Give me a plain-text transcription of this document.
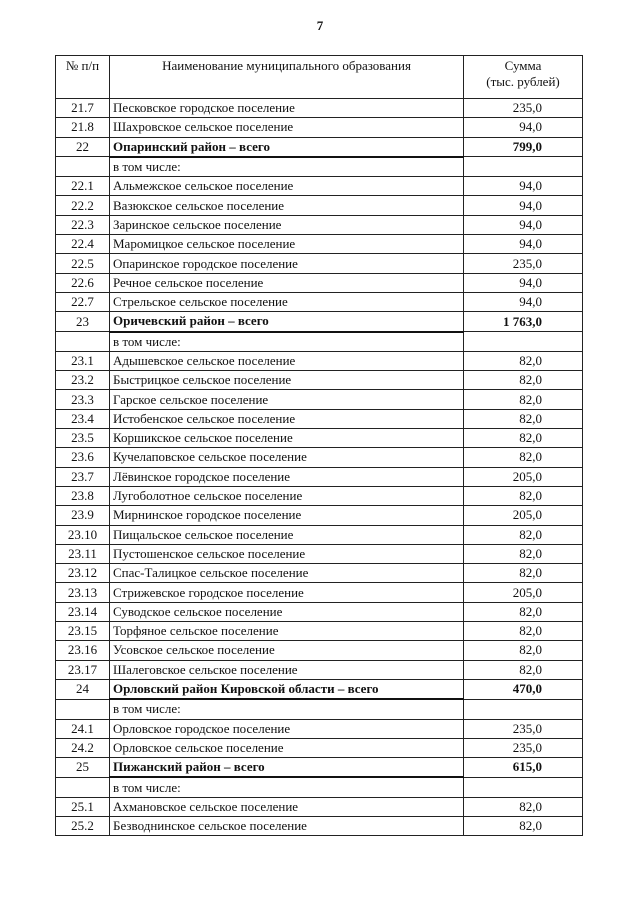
7
№ п/п	Наименование муниципального образования	Сумма
(тыс. рублей)

21.7	Песковское городское поселение	235,0
21.8	Шахровское сельское поселение	94,0
22	Опаринский район – всего	799,0
	в том числе:	
22.1	Альмежское сельское поселение	94,0
22.2	Вазюкское сельское поселение	94,0
22.3	Заринское сельское поселение	94,0
22.4	Маромицкое сельское поселение	94,0
22.5	Опаринское городское поселение	235,0
22.6	Речное сельское поселение	94,0
22.7	Стрельское сельское поселение	94,0
23	Оричевский район – всего	1 763,0
	в том числе:	
23.1	Адышевское сельское поселение	82,0
23.2	Быстрицкое сельское поселение	82,0
23.3	Гарское сельское поселение	82,0
23.4	Истобенское сельское поселение	82,0
23.5	Коршикское сельское поселение	82,0
23.6	Кучелаповское сельское поселение	82,0
23.7	Лёвинское городское поселение	205,0
23.8	Лугоболотное сельское поселение	82,0
23.9	Мирнинское городское поселение	205,0
23.10	Пищальское сельское поселение	82,0
23.11	Пустошенское сельское поселение	82,0
23.12	Спас-Талицкое сельское поселение	82,0
23.13	Стрижевское городское поселение	205,0
23.14	Суводское сельское поселение	82,0
23.15	Торфяное сельское поселение	82,0
23.16	Усовское сельское поселение	82,0
23.17	Шалеговское сельское поселение	82,0
24	Орловский район Кировской области – всего	470,0
	в том числе:	
24.1	Орловское городское поселение	235,0
24.2	Орловское сельское поселение	235,0
25	Пижанский район – всего	615,0
	в том числе:	
25.1	Ахмановское сельское поселение	82,0
25.2	Безводнинское сельское поселение	82,0
